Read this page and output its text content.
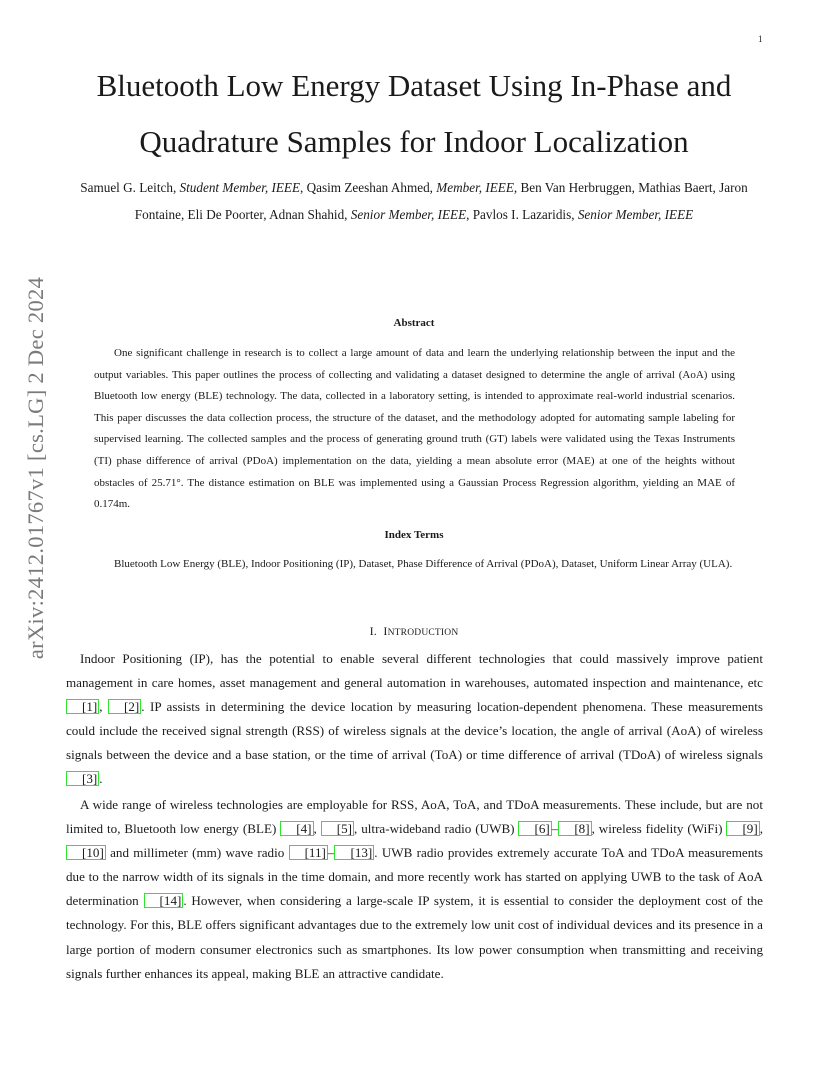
1
arXiv:2412.01767v1 [cs.LG] 2 Dec 2024
Bluetooth Low Energy Dataset Using In-Phase and Quadrature Samples for Indoor Localization
Samuel G. Leitch, Student Member, IEEE, Qasim Zeeshan Ahmed, Member, IEEE, Ben Van Herbruggen, Mathias Baert, Jaron Fontaine, Eli De Poorter, Adnan Shahid, Senior Member, IEEE, Pavlos I. Lazaridis, Senior Member, IEEE
Abstract

One significant challenge in research is to collect a large amount of data and learn the underlying relationship between the input and the output variables. This paper outlines the process of collecting and validating a dataset designed to determine the angle of arrival (AoA) using Bluetooth low energy (BLE) technology. The data, collected in a laboratory setting, is intended to approximate real-world industrial scenarios. This paper discusses the data collection process, the structure of the dataset, and the methodology adopted for automating sample labeling for supervised learning. The collected samples and the process of generating ground truth (GT) labels were validated using the Texas Instruments (TI) phase difference of arrival (PDoA) implementation on the data, yielding a mean absolute error (MAE) at one of the heights without obstacles of 25.71°. The distance estimation on BLE was implemented using a Gaussian Process Regression algorithm, yielding an MAE of 0.174m.

Index Terms

Bluetooth Low Energy (BLE), Indoor Positioning (IP), Dataset, Phase Difference of Arrival (PDoA), Dataset, Uniform Linear Array (ULA).

I. INTRODUCTION

Indoor Positioning (IP), has the potential to enable several different technologies that could massively improve patient management in care homes, asset management and general automation in warehouses, automated inspection and maintenance, etc [1] , [2] . IP assists in determining the device location by measuring location-dependent phenomena. These measurements could include the received signal strength (RSS) of wireless signals at the device’s location, the angle of arrival (AoA) of wireless signals between the device and a base station, or the time of arrival (ToA) or time difference of arrival (TDoA) of wireless signals [3] .

A wide range of wireless technologies are employable for RSS, AoA, ToA, and TDoA measurements. These include, but are not limited to, Bluetooth low energy (BLE) [4] , [5] , ultra-wideband radio (UWB) [6] – [8] , wireless fidelity (WiFi) [9] , [10] and millimeter (mm) wave radio [11] – [13] . UWB radio provides extremely accurate ToA and TDoA measurements due to the narrow width of its signals in the time domain, and more recently work has started on applying UWB to the task of AoA determination [14] . However, when considering a large-scale IP system, it is essential to consider the deployment cost of the technology. For this, BLE offers significant advantages due to the extremely low unit cost of individual devices and its presence in a large portion of modern consumer electronics such as smartphones. Its low power consumption when transmitting and receiving signals further enhances its appeal, making BLE an attractive candidate.
